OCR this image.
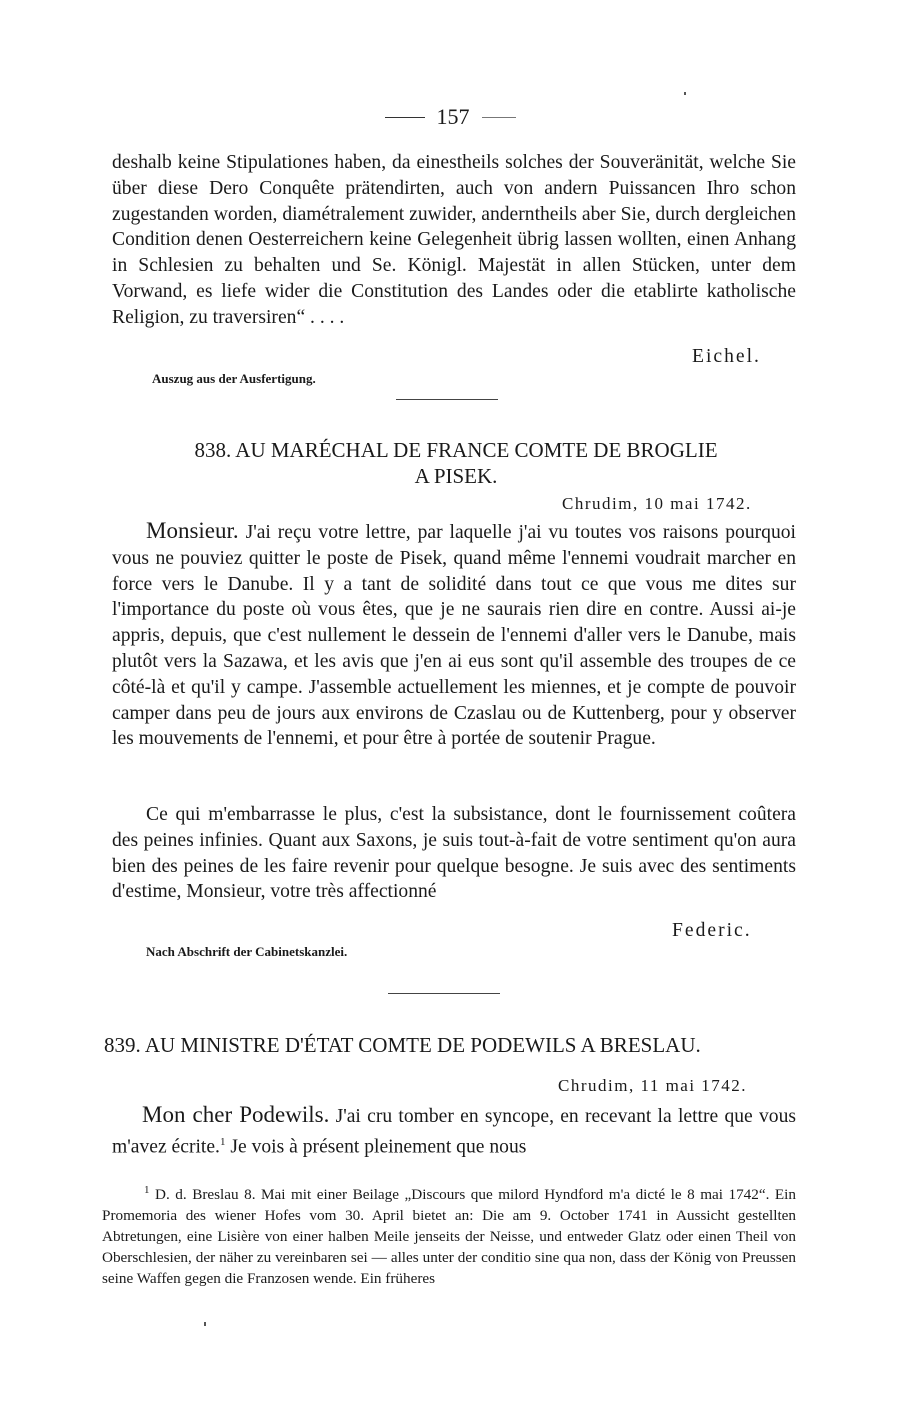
157

deshalb keine Stipulationes haben, da einestheils solches der Souveränität, welche Sie über diese Dero Conquête prätendirten, auch von andern Puissancen Ihro schon zugestanden worden, diamétralement zuwider, anderntheils aber Sie, durch dergleichen Condition denen Oesterreichern keine Gelegenheit übrig lassen wollten, einen Anhang in Schlesien zu behalten und Se. Königl. Majestät in allen Stücken, unter dem Vorwand, es liefe wider die Constitution des Landes oder die etablirte katholische Religion, zu traversiren“ . . . .

Eichel.
Auszug aus der Ausfertigung.

838. AU MARÉCHAL DE FRANCE COMTE DE BROGLIE
A PISEK.

Chrudim, 10 mai 1742.

Monsieur. J'ai reçu votre lettre, par laquelle j'ai vu toutes vos raisons pourquoi vous ne pouviez quitter le poste de Pisek, quand même l'ennemi voudrait marcher en force vers le Danube. Il y a tant de solidité dans tout ce que vous me dites sur l'importance du poste où vous êtes, que je ne saurais rien dire en contre. Aussi ai-je appris, depuis, que c'est nullement le dessein de l'ennemi d'aller vers le Danube, mais plutôt vers la Sazawa, et les avis que j'en ai eus sont qu'il assemble des troupes de ce côté-là et qu'il y campe. J'assemble actuellement les miennes, et je compte de pouvoir camper dans peu de jours aux environs de Czaslau ou de Kuttenberg, pour y observer les mouvements de l'ennemi, et pour être à portée de soutenir Prague.

Ce qui m'embarrasse le plus, c'est la subsistance, dont le fournissement coûtera des peines infinies. Quant aux Saxons, je suis tout-à-fait de votre sentiment qu'on aura bien des peines de les faire revenir pour quelque besogne. Je suis avec des sentiments d'estime, Monsieur, votre très affectionné

Federic.
Nach Abschrift der Cabinetskanzlei.

839. AU MINISTRE D'ÉTAT COMTE DE PODEWILS A BRESLAU.

Chrudim, 11 mai 1742.

Mon cher Podewils. J'ai cru tomber en syncope, en recevant la lettre que vous m'avez écrite.$^1$ Je vois à présent pleinement que nous

$^1$ D. d. Breslau 8. Mai mit einer Beilage „Discours que milord Hyndford m'a dicté le 8 mai 1742“. Ein Promemoria des wiener Hofes vom 30. April bietet an: Die am 9. October 1741 in Aussicht gestellten Abtretungen, eine Lisière von einer halben Meile jenseits der Neisse, und entweder Glatz oder einen Theil von Oberschlesien, der näher zu vereinbaren sei — alles unter der conditio sine qua non, dass der König von Preussen seine Waffen gegen die Franzosen wende. Ein früheres
